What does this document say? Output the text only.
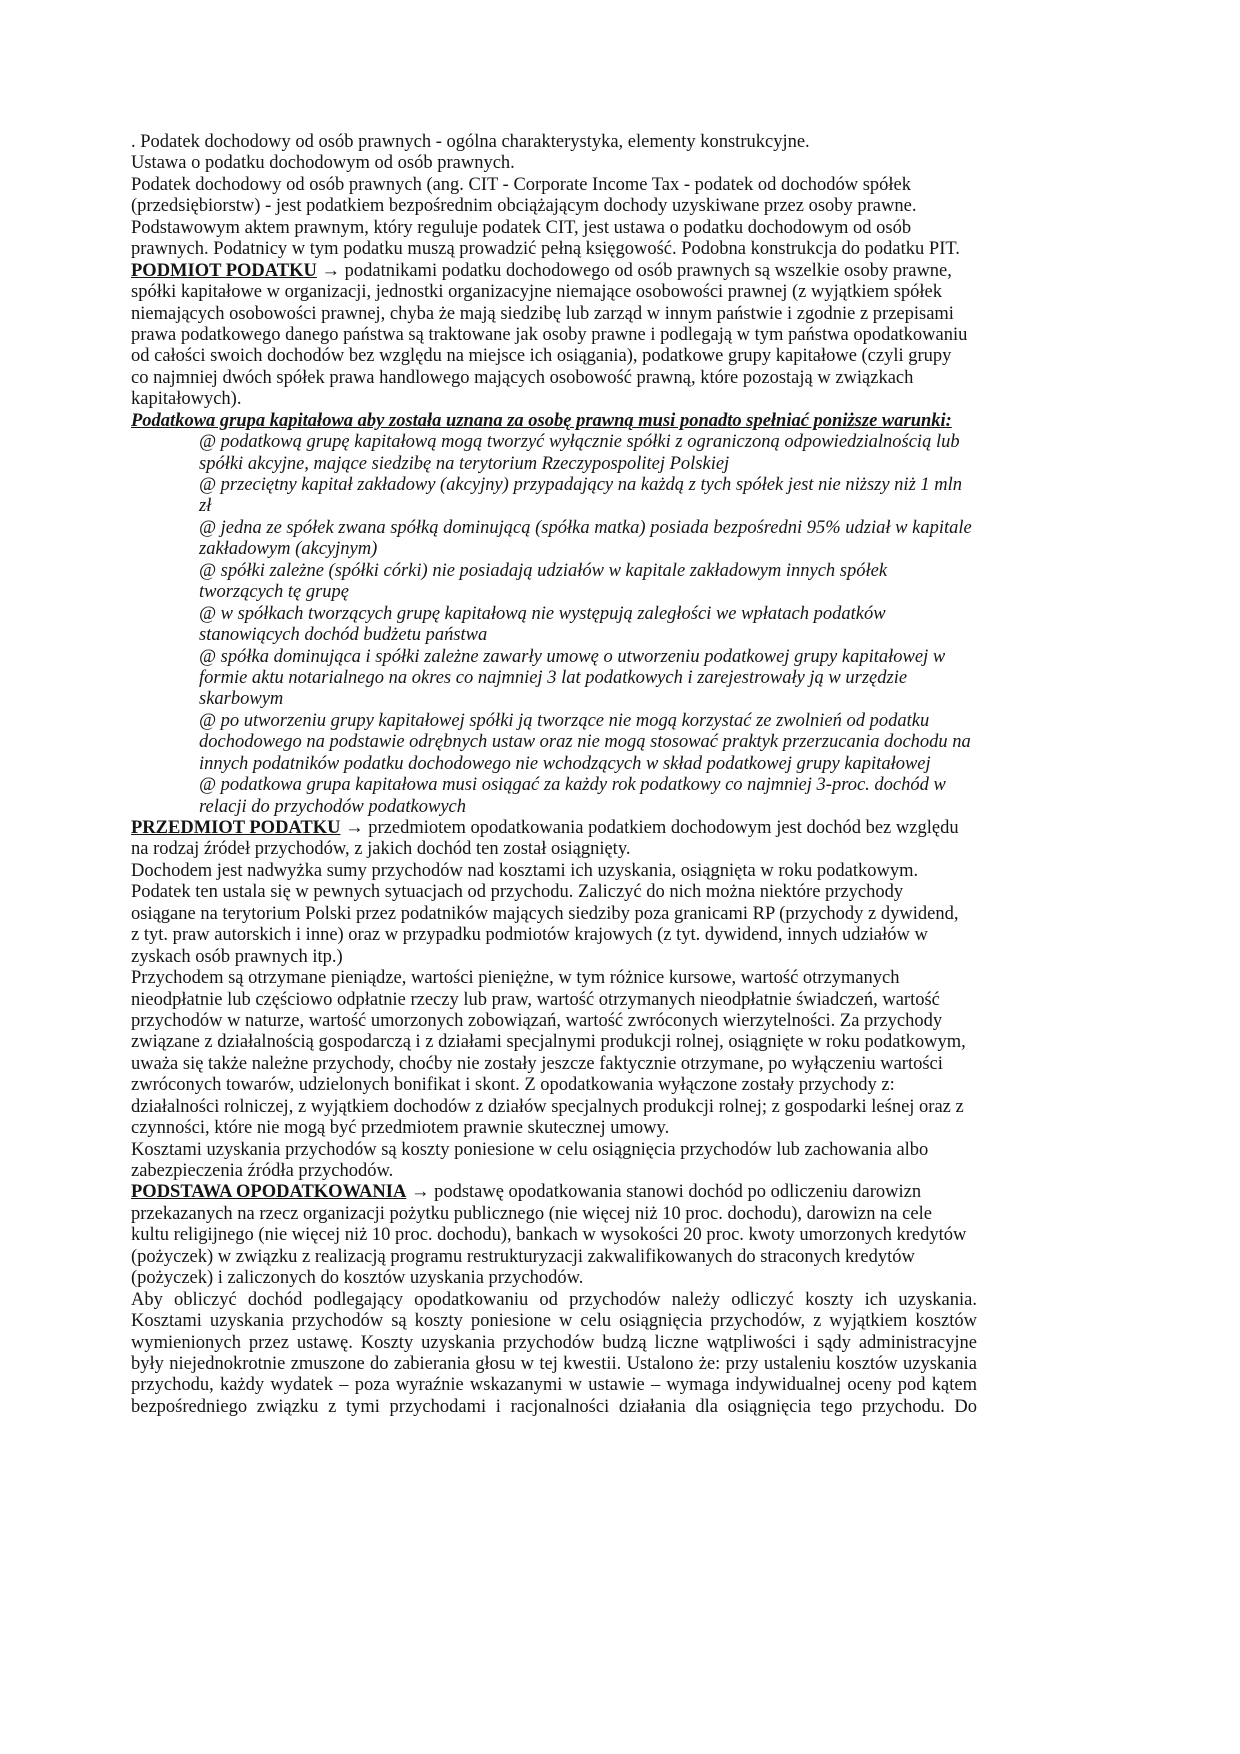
. Podatek dochodowy od osób prawnych - ogólna charakterystyka, elementy konstrukcyjne.
Ustawa o podatku dochodowym od osób prawnych.
Podatek dochodowy od osób prawnych (ang. CIT - Corporate Income Tax - podatek od dochodów spółek
(przedsiębiorstw) - jest podatkiem bezpośrednim obciążającym dochody uzyskiwane przez osoby prawne.
Podstawowym aktem prawnym, który reguluje podatek CIT, jest ustawa o podatku dochodowym od osób
prawnych. Podatnicy w tym podatku muszą prowadzić pełną księgowość. Podobna konstrukcja do podatku PIT.
PODMIOT PODATKU → podatnikami podatku dochodowego od osób prawnych są wszelkie osoby prawne,
spółki kapitałowe w organizacji, jednostki organizacyjne niemające osobowości prawnej (z wyjątkiem spółek
niemających osobowości prawnej, chyba że mają siedzibę lub zarząd w innym państwie i zgodnie z przepisami
prawa podatkowego danego państwa są traktowane jak osoby prawne i podlegają w tym państwa opodatkowaniu
od całości swoich dochodów bez względu na miejsce ich osiągania), podatkowe grupy kapitałowe (czyli grupy
co najmniej dwóch spółek prawa handlowego mających osobowość prawną, które pozostają w związkach
kapitałowych).
Podatkowa grupa kapitałowa aby została uznana za osobę prawną musi ponadto spełniać poniższe warunki:
@ podatkową grupę kapitałową mogą tworzyć wyłącznie spółki z ograniczoną odpowiedzialnością lub
spółki akcyjne, mające siedzibę na terytorium Rzeczypospolitej Polskiej
@ przeciętny kapitał zakładowy (akcyjny) przypadający na każdą z tych spółek jest nie niższy niż 1 mln
zł
@ jedna ze spółek zwana spółką dominującą (spółka matka) posiada bezpośredni 95% udział w kapitale
zakładowym (akcyjnym)
@ spółki zależne (spółki córki) nie posiadają udziałów w kapitale zakładowym innych spółek
tworzących tę grupę
@ w spółkach tworzących grupę kapitałową nie występują zaległości we wpłatach podatków
stanowiących dochód budżetu państwa
@ spółka dominująca i spółki zależne zawarły umowę o utworzeniu podatkowej grupy kapitałowej w
formie aktu notarialnego na okres co najmniej 3 lat podatkowych i zarejestrowały ją w urzędzie
skarbowym
@ po utworzeniu grupy kapitałowej spółki ją tworzące nie mogą korzystać ze zwolnień od podatku
dochodowego na podstawie odrębnych ustaw oraz nie mogą stosować praktyk przerzucania dochodu na
innych podatników podatku dochodowego nie wchodzących w skład podatkowej grupy kapitałowej
@ podatkowa grupa kapitałowa musi osiągać za każdy rok podatkowy co najmniej 3-proc. dochód w
relacji do przychodów podatkowych
PRZEDMIOT PODATKU → przedmiotem opodatkowania podatkiem dochodowym jest dochód bez względu
na rodzaj źródeł przychodów, z jakich dochód ten został osiągnięty.
Dochodem jest nadwyżka sumy przychodów nad kosztami ich uzyskania, osiągnięta w roku podatkowym.
Podatek ten ustala się w pewnych sytuacjach od przychodu. Zaliczyć do nich można niektóre przychody
osiągane na terytorium Polski przez podatników mających siedziby poza granicami RP (przychody z dywidend,
z tyt. praw autorskich i inne) oraz w przypadku podmiotów krajowych (z tyt. dywidend, innych udziałów w
zyskach osób prawnych itp.)
Przychodem są otrzymane pieniądze, wartości pieniężne, w tym różnice kursowe, wartość otrzymanych
nieodpłatnie lub częściowo odpłatnie rzeczy lub praw, wartość otrzymanych nieodpłatnie świadczeń, wartość
przychodów w naturze, wartość umorzonych zobowiązań, wartość zwróconych wierzytelności. Za przychody
związane z działalnością gospodarczą i z działami specjalnymi produkcji rolnej, osiągnięte w roku podatkowym,
uważa się także należne przychody, choćby nie zostały jeszcze faktycznie otrzymane, po wyłączeniu wartości
zwróconych towarów, udzielonych bonifikat i skont. Z opodatkowania wyłączone zostały przychody z:
działalności rolniczej, z wyjątkiem dochodów z działów specjalnych produkcji rolnej; z gospodarki leśnej oraz z
czynności, które nie mogą być przedmiotem prawnie skutecznej umowy.
Kosztami uzyskania przychodów są koszty poniesione w celu osiągnięcia przychodów lub zachowania albo
zabezpieczenia źródła przychodów.
PODSTAWA OPODATKOWANIA → podstawę opodatkowania stanowi dochód po odliczeniu darowizn
przekazanych na rzecz organizacji pożytku publicznego (nie więcej niż 10 proc. dochodu), darowizn na cele
kultu religijnego (nie więcej niż 10 proc. dochodu), bankach w wysokości 20 proc. kwoty umorzonych kredytów
(pożyczek) w związku z realizacją programu restrukturyzacji zakwalifikowanych do straconych kredytów
(pożyczek) i zaliczonych do kosztów uzyskania przychodów.
Aby obliczyć dochód podlegający opodatkowaniu od przychodów należy odliczyć koszty ich uzyskania.
Kosztami uzyskania przychodów są koszty poniesione w celu osiągnięcia przychodów, z wyjątkiem kosztów
wymienionych przez ustawę. Koszty uzyskania przychodów budzą liczne wątpliwości i sądy administracyjne
były niejednokrotnie zmuszone do zabierania głosu w tej kwestii. Ustalono że: przy ustaleniu kosztów uzyskania
przychodu, każdy wydatek – poza wyraźnie wskazanymi w ustawie – wymaga indywidualnej oceny pod kątem
bezpośredniego związku z tymi przychodami i racjonalności działania dla osiągnięcia tego przychodu. Do
